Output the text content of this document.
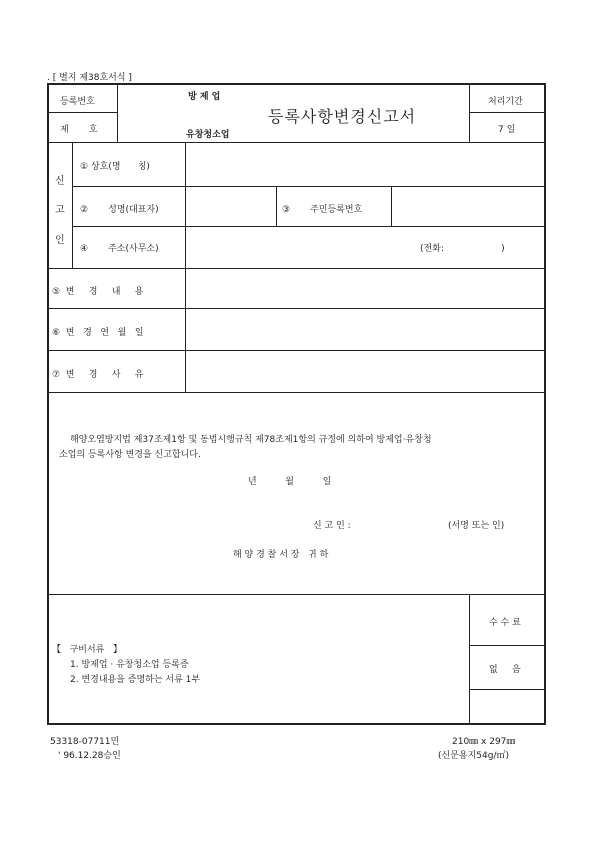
. [ 별지 제38호서식 ]
등록번호
제       호
방 제 업
유창청소업
등록사항변경신고서
처리기간
7 일
신
고
인
① 상호(명      칭)
②       성명(대표자)	③       주민등록번호
④       주소(사무소)	(전화:                    )
⑤  변     경     내     용
⑥  변   경   연   월   일
⑦  변     경     사     유
해양오염방지법 제37조제1항 및 동법시행규칙 제78조제1항의 규정에 의하여 방제업·유창청
소업의 등록사항 변경을 신고합니다.
년          월          일
신 고 인 :	(서명 또는 인)
해 양 경 찰 서 장   귀 하
【   구비서류   】
1. 방제업 · 유창청소업 등록증
2. 변경내용을 증명하는 서류 1부
수 수 료
없     음
53318-07711민
' 96.12.28승인
210㎜ x 297㎜
(신문용지54g/㎡)
